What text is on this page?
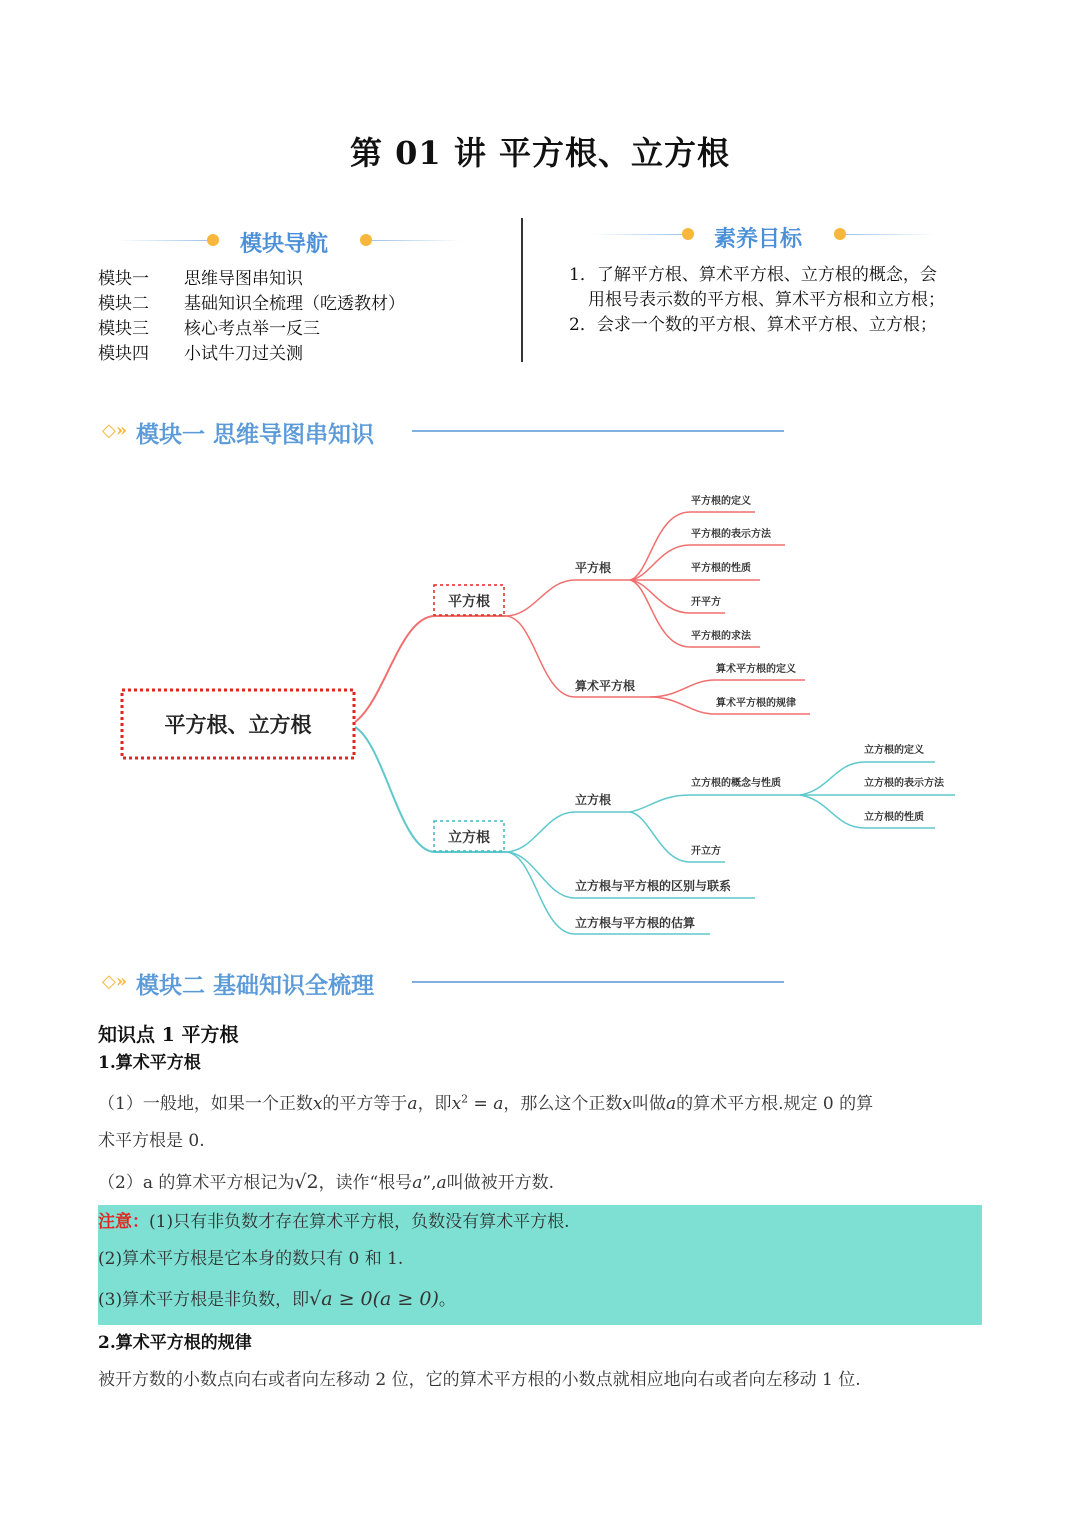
第 01 讲 平方根、立方根
模块导航
模块一 思维导图串知识
模块二 基础知识全梳理（吃透教材）
模块三 核心考点举一反三
模块四 小试牛刀过关测
素养目标
1．了解平方根、算术平方根、立方根的概念，会
用根号表示数的平方根、算术平方根和立方根；
2．会求一个数的平方根、算术平方根、立方根；
◇» 模块一 思维导图串知识
平方根、立方根
平方根
立方根
平方根
平方根的定义
平方根的表示方法
平方根的性质
开平方
平方根的求法
算术平方根
算术平方根的定义
算术平方根的规律
立方根
立方根的概念与性质
立方根的定义
立方根的表示方法
立方根的性质
开立方
立方根与平方根的区别与联系
立方根与平方根的估算
◇» 模块二 基础知识全梳理
知识点 1 平方根
1.算术平方根
（1）一般地，如果一个正数x的平方等于a，即$x^2 = a$，那么这个正数x叫做a的算术平方根.规定 0 的算
术平方根是 0.
（2）a 的算术平方根记为√2，读作“根号a”,a叫做被开方数.
注意：(1)只有非负数才存在算术平方根，负数没有算术平方根.
(2)算术平方根是它本身的数只有 0 和 1.
(3)算术平方根是非负数，即√a ≥ 0(a ≥ 0)。
2.算术平方根的规律
被开方数的小数点向右或者向左移动 2 位，它的算术平方根的小数点就相应地向右或者向左移动 1 位.
